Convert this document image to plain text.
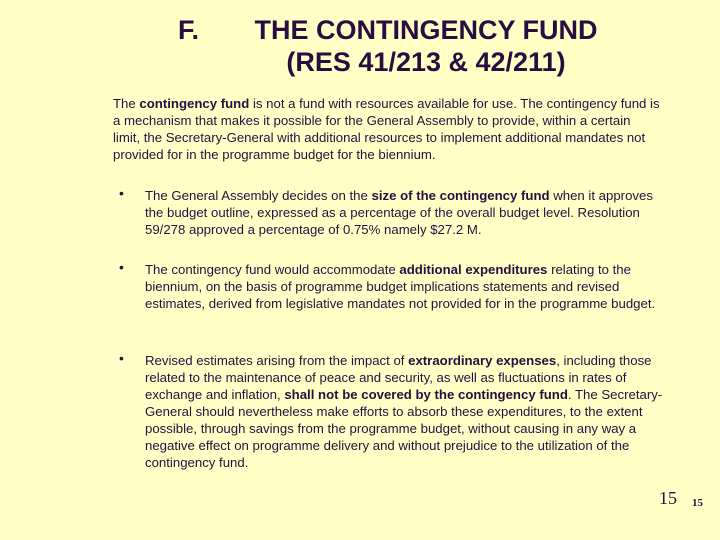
F.	THE CONTINGENCY FUND
(RES 41/213 & 42/211)

The contingency fund is not a fund with resources available for use. The contingency fund is a mechanism that makes it possible for the General Assembly to provide, within a certain limit, the Secretary-General with additional resources to implement additional mandates not provided for in the programme budget for the biennium.

• The General Assembly decides on the size of the contingency fund when it approves the budget outline, expressed as a percentage of the overall budget level. Resolution 59/278 approved a percentage of 0.75% namely $27.2 M.

• The contingency fund would accommodate additional expenditures relating to the biennium, on the basis of programme budget implications statements and revised estimates, derived from legislative mandates not provided for in the programme budget.

• Revised estimates arising from the impact of extraordinary expenses, including those related to the maintenance of peace and security, as well as fluctuations in rates of exchange and inflation, shall not be covered by the contingency fund. The Secretary-General should nevertheless make efforts to absorb these expenditures, to the extent possible, through savings from the programme budget, without causing in any way a negative effect on programme delivery and without prejudice to the utilization of the contingency fund.

15 15
